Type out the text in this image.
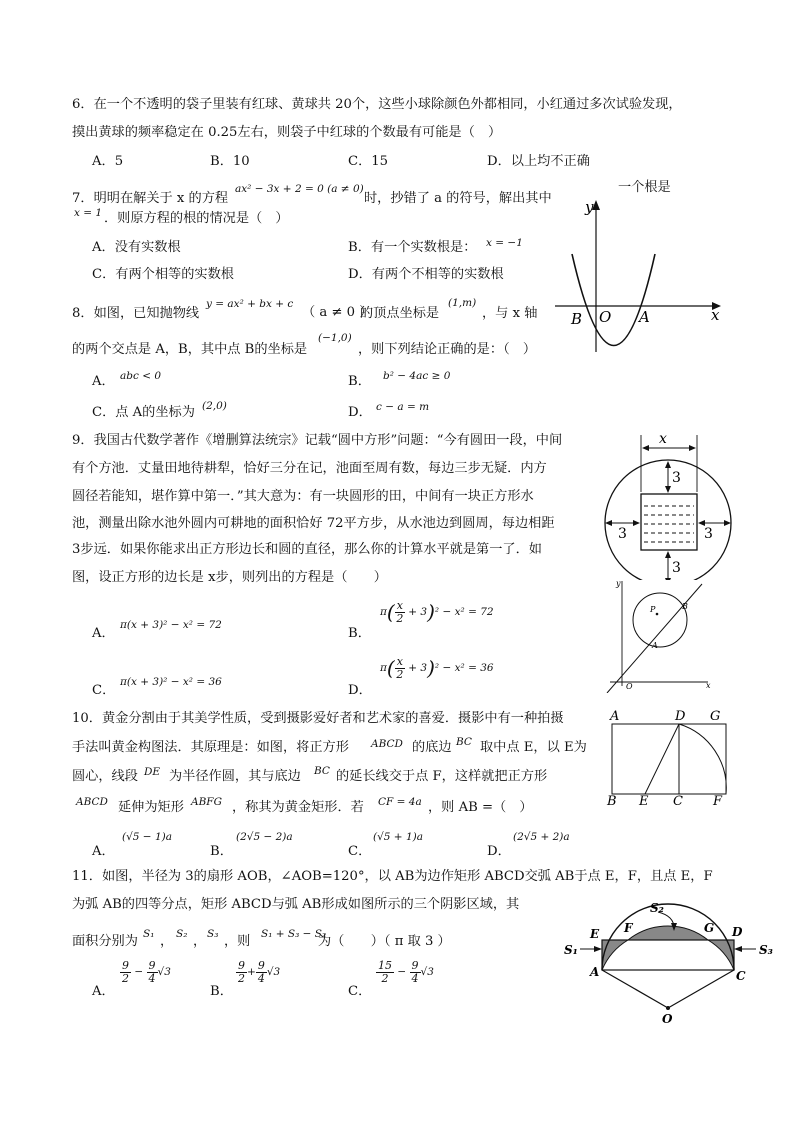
6．在一个不透明的袋子里装有红球、黄球共 20个，这些小球除颜色外都相同，小红通过多次试验发现，
摸出黄球的频率稳定在 0.25左右，则袋子中红球的个数最有可能是（　）
A．5	B．10	C．15	D．以上均不正确
7．明明在解关于 x 的方程
ax² − 3x + 2 = 0 (a ≠ 0)
时，抄错了 a 的符号，解出其中
一个根是
x = 1 ．则原方程的根的情况是（　）
A．没有实数根	B．有一个实数根是： x = −1
C．有两个相等的实数根	D．有两个不相等的实数根
y
x
B O A
8．如图，已知抛物线
y = ax² + bx + c
（ a ≠ 0 ）
的顶点坐标是
(1,m)
，与 x 轴
的两个交点是 A，B，其中点 B的坐标是
(−1,0)
，则下列结论正确的是：（　）
A． abc < 0	B． b² − 4ac ≥ 0
C．点 A的坐标为 (2,0)	D． c − a = m
9．我国古代数学著作《增删算法统宗》记载“圆中方形”问题：“今有圆田一段，中间
有个方池．丈量田地待耕犁，恰好三分在记，池面至周有数，每边三步无疑．内方
圆径若能知，堪作算中第一．”其大意为：有一块圆形的田，中间有一块正方形水
池，测量出除水池外圆内可耕地的面积恰好 72平方步，从水池边到圆周，每边相距
3步远．如果你能求出正方形边长和圆的直径，那么你的计算水平就是第一了．如
图，设正方形的边长是 x步，则列出的方程是（　　）
A．
π(x + 3)² − x² = 72
B．
$\pi( \frac{x}{2} + 3)^2 - x^2 = 72$
C．
π(x + 3)² − x² = 36
D．
$\pi( \frac{x}{2} + 3)^2 - x^2 = 36$
x
3
3	3
3
y
x
O
P
A
B
10．黄金分割由于其美学性质，受到摄影爱好者和艺术家的喜爱．摄影中有一种拍摄
手法叫黄金构图法．其原理是：如图，将正方形 ABCD 的底边 BC 取中点 E，以 E为
圆心，线段 DE 为半径作圆，其与底边 BC 的延长线交于点 F，这样就把正方形
ABCD 延伸为矩形 ABFG ，称其为黄金矩形．若 CF = 4a ，则 AB =（　）
A．
(√5 − 1)a
B．
(2√5 − 2)a
C．
(√5 + 1)a
D．
(2√5 + 2)a
A	D G
B E C F
11．如图，半径为 3的扇形 AOB，∠AOB=120°，以 AB为边作矩形 ABCD交弧 AB于点 E，F，且点 E，F
为弧 AB的四等分点，矩形 ABCD与弧 AB形成如图所示的三个阴影区域，其
面积分别为 S₁ ， S₂ ， S₃ ，则 S₁ + S₃ − S₂
为（　　）（ π 取 3 ）
A．
$\frac{9}{2} - \frac{9}{4} √3$
B．
$\frac{9}{2} + \frac{9}{4} √3$
C．
$\frac{15}{2} - \frac{9}{4} √3$
S₁
S₂
S₃
E F	G D
A	C
O
